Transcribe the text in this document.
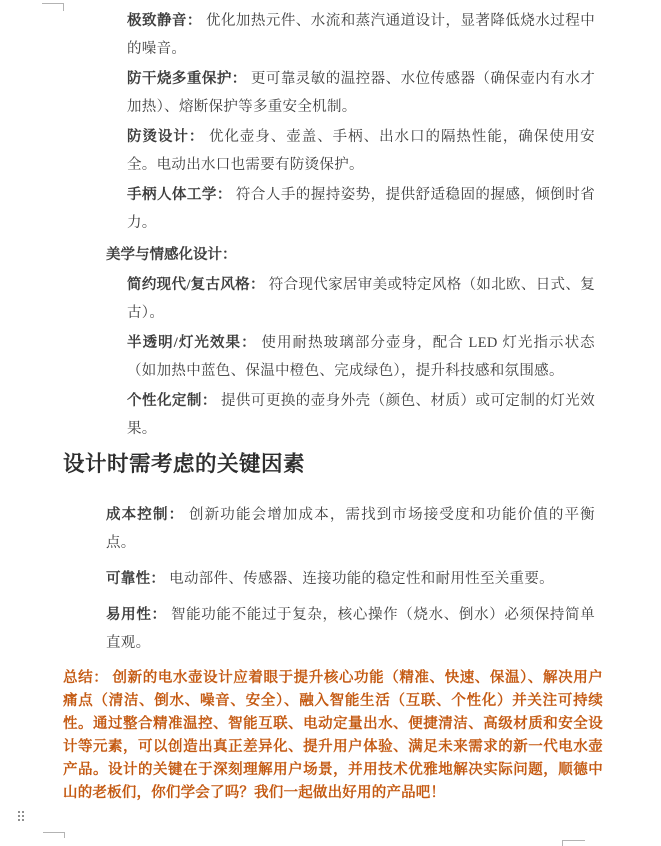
极致静音： 优化加热元件、水流和蒸汽通道设计，显著降低烧水过程中的噪音。

防干烧多重保护： 更可靠灵敏的温控器、水位传感器（确保壶内有水才加热）、熔断保护等多重安全机制。

防烫设计： 优化壶身、壶盖、手柄、出水口的隔热性能，确保使用安全。电动出水口也需要有防烫保护。

手柄人体工学： 符合人手的握持姿势，提供舒适稳固的握感，倾倒时省力。

美学与情感化设计：

简约现代/复古风格： 符合现代家居审美或特定风格（如北欧、日式、复古）。

半透明/灯光效果： 使用耐热玻璃部分壶身，配合 LED 灯光指示状态（如加热中蓝色、保温中橙色、完成绿色），提升科技感和氛围感。

个性化定制： 提供可更换的壶身外壳（颜色、材质）或可定制的灯光效果。

设计时需考虑的关键因素

成本控制： 创新功能会增加成本，需找到市场接受度和功能价值的平衡点。

可靠性： 电动部件、传感器、连接功能的稳定性和耐用性至关重要。

易用性： 智能功能不能过于复杂，核心操作（烧水、倒水）必须保持简单直观。

总结： 创新的电水壶设计应着眼于提升核心功能（精准、快速、保温）、解决用户痛点（清洁、倒水、噪音、安全）、融入智能生活（互联、个性化）并关注可持续性。通过整合精准温控、智能互联、电动定量出水、便捷清洁、高级材质和安全设计等元素，可以创造出真正差异化、提升用户体验、满足未来需求的新一代电水壶产品。设计的关键在于深刻理解用户场景，并用技术优雅地解决实际问题，顺德中山的老板们，你们学会了吗？我们一起做出好用的产品吧！
